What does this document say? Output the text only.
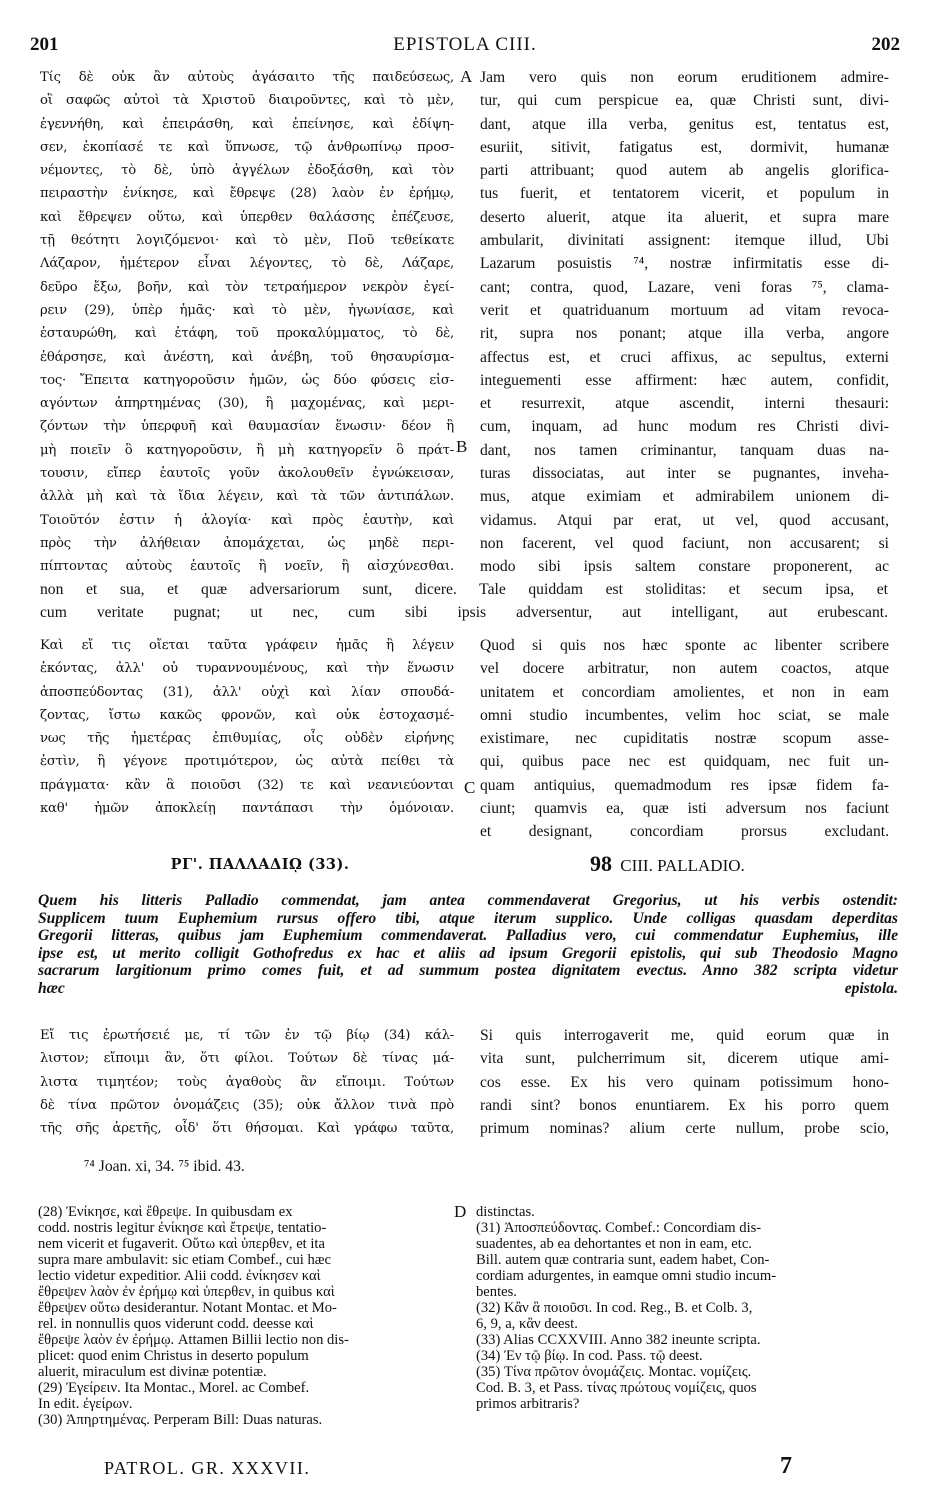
201	EPISTOLA CIII.	202
Τίς δὲ οὐκ ἂν αὐτοὺς ἀγάσαιτο τῆς παιδεύσεως,
οἳ σαφῶς αὐτοὶ τὰ Χριστοῦ διαιροῦντες, καὶ τὸ μὲν,
ἐγεννήθη, καὶ ἐπειράσθη, καὶ ἐπείνησε, καὶ ἐδίψη-
σεν, ἐκοπίασέ τε καὶ ὕπνωσε, τῷ ἀνθρωπίνῳ προσ-
νέμοντες, τὸ δὲ, ὑπὸ ἀγγέλων ἐδοξάσθη, καὶ τὸν
πειραστὴν ἐνίκησε, καὶ ἔθρεψε (28) λαὸν ἐν ἐρήμῳ,
καὶ ἔθρεψεν οὕτω, καὶ ὑπερθεν θαλάσσης ἐπέζευσε,
τῇ θεότητι λογιζόμενοι· καὶ τὸ μὲν, Ποῦ τεθείκατε
Λάζαρον, ἡμέτερον εἶναι λέγοντες, τὸ δὲ, Λάζαρε,
δεῦρο ἔξω, βοῆν, καὶ τὸν τετραήμερον νεκρὸν ἐγεί-
ρειν (29), ὑπὲρ ἡμᾶς· καὶ τὸ μὲν, ἠγωνίασε, καὶ
ἐσταυρώθη, καὶ ἐτάφη, τοῦ προκαλύμματος, τὸ δὲ,
ἐθάρσησε, καὶ ἀνέστη, καὶ ἀνέβη, τοῦ θησαυρίσμα-
τος· Ἔπειτα κατηγοροῦσιν ἡμῶν, ὡς δύο φύσεις εἰσ-
αγόντων ἀπηρτημένας (30), ἢ μαχομένας, καὶ μερι-
ζόντων τὴν ὑπερφυῆ καὶ θαυμασίαν ἕνωσιν· δέον ἢ
μὴ ποιεῖν ὃ κατηγοροῦσιν, ἢ μὴ κατηγορεῖν ὃ πράτ-
τουσιν, εἴπερ ἑαυτοῖς γοῦν ἀκολουθεῖν ἐγνώκεισαν,
ἀλλὰ μὴ καὶ τὰ ἴδια λέγειν, καὶ τὰ τῶν ἀντιπάλων.
Τοιοῦτόν ἐστιν ἡ ἀλογία· καὶ πρὸς ἑαυτὴν, καὶ
πρὸς τὴν ἀλήθειαν ἀπομάχεται, ὡς μηδὲ περι-
πίπτοντας αὐτοὺς ἑαυτοῖς ἢ νοεῖν, ἢ αἰσχύνεσθαι.
A Jam vero quis non eorum eruditionem admire-
tur, qui cum perspicue ea, quæ Christi sunt, divi-
dant, atque illa verba, genitus est, tentatus est,
esuriit, sitivit, fatigatus est, dormivit, humanæ
parti attribuant; quod autem ab angelis glorifica-
tus fuerit, et tentatorem vicerit, et populum in
deserto aluerit, atque ita aluerit, et supra mare
ambularit, divinitati assignent: itemque illud, Ubi
Lazarum posuistis ⁷⁴, nostræ infirmitatis esse di-
cant; contra, quod, Lazare, veni foras ⁷⁵, clama-
verit et quatriduanum mortuum ad vitam revoca-
rit, supra nos ponant; atque illa verba, angore
affectus est, et cruci affixus, ac sepultus, externi
integuementi esse affirment: hæc autem, confidit,
et resurrexit, atque ascendit, interni thesauri:
cum, inquam, ad hunc modum res Christi divi-
dant, nos tamen criminantur, tanquam duas na-
turas dissociatas, aut inter se pugnantes, inveha-
mus, atque eximiam et admirabilem unionem di-
vidamus. Atqui par erat, ut vel, quod accusant,
non facerent, vel quod faciunt, non accusarent; si
modo sibi ipsis saltem constare proponerent, ac
B
non et sua, et quæ adversariorum sunt, dicere. Tale quiddam est stoliditas: et secum ipsa, et
cum veritate pugnat; ut nec, cum sibi ipsis adversentur, aut intelligant, aut erubescant.
Καὶ εἴ τις οἴεται ταῦτα γράφειν ἡμᾶς ἢ λέγειν
ἑκόντας, ἀλλ' οὐ τυραννουμένους, καὶ τὴν ἕνωσιν
ἀποσπεύδοντας (31), ἀλλ' οὐχὶ καὶ λίαν σπουδά-
ζοντας, ἴστω κακῶς φρονῶν, καὶ οὐκ ἐστοχασμέ-
νως τῆς ἡμετέρας ἐπιθυμίας, οἷς οὐδὲν εἰρήνης
ἐστὶν, ἢ γέγονε προτιμότερον, ὡς αὐτὰ πείθει τὰ
πράγματα· κἂν ἃ ποιοῦσι (32) τε καὶ νεανιεύονται
καθ' ἡμῶν ἀποκλείῃ παντάπασι τὴν ὁμόνοιαν.
C
Quod si quis nos hæc sponte ac libenter scribere
vel docere arbitratur, non autem coactos, atque
unitatem et concordiam amolientes, et non in eam
omni studio incumbentes, velim hoc sciat, se male
existimare, nec cupiditatis nostræ scopum asse-
qui, quibus pace nec est quidquam, nec fuit un-
quam antiquius, quemadmodum res ipsæ fidem fa-
ciunt; quamvis ea, quæ isti adversum nos faciunt
et designant, concordiam prorsus excludant.
ΡΓ'. ΠΑΛΛΑΔΙῼ (33).	98 CIII. PALLADIO.
Quem his litteris Palladio commendat, jam antea commendaverat Gregorius, ut his verbis ostendit:
Supplicem tuum Euphemium rursus offero tibi, atque iterum supplico. Unde colligas quasdam deperditas
Gregorii litteras, quibus jam Euphemium commendaverat. Palladius vero, cui commendatur Euphemius, ille
ipse est, ut merito colligit Gothofredus ex hac et aliis ad ipsum Gregorii epistolis, qui sub Theodosio Magno
sacrarum largitionum primo comes fuit, et ad summum postea dignitatem evectus. Anno 382 scripta videtur
hæc epistola.
Εἴ τις ἐρωτήσειέ με, τί τῶν ἐν τῷ βίῳ (34) κάλ-
λιστον; εἴποιμι ἂν, ὅτι φίλοι. Τούτων δὲ τίνας μά-
λιστα τιμητέον; τοὺς ἀγαθοὺς ἂν εἴποιμι. Τούτων
δὲ τίνα πρῶτον ὀνομάζεις (35); οὐκ ἄλλον τινὰ πρὸ
τῆς σῆς ἀρετῆς, οἶδ' ὅτι θήσομαι. Καὶ γράφω ταῦτα,
Si quis interrogaverit me, quid eorum quæ in
vita sunt, pulcherrimum sit, dicerem utique ami-
cos esse. Ex his vero quinam potissimum hono-
randi sint? bonos enuntiarem. Ex his porro quem
primum nominas? alium certe nullum, probe scio,
⁷⁴ Joan. xi, 34. ⁷⁵ ibid. 43.
(28) Ἐνίκησε, καὶ ἔθρεψε. In quibusdam ex
codd. nostris legitur ἐνίκησε καὶ ἔτρεψε, tentatio-
nem vicerit et fugaverit. Οὕτω καὶ ὑπερθεν, et ita
supra mare ambulavit: sic etiam Combef., cui hæc
lectio videtur expeditior. Alii codd. ἐνίκησεν καὶ
ἔθρεψεν λαὸν ἐν ἐρήμῳ καὶ ὑπερθεν, in quibus καὶ
ἔθρεψεν οὕτω desiderantur. Notant Montac. et Mo-
rel. in nonnullis quos viderunt codd. deesse καὶ
ἔθρεψε λαὸν ἐν ἐρήμῳ. Attamen Billii lectio non dis-
plicet: quod enim Christus in deserto populum
aluerit, miraculum est divinæ potentiæ.
(29) Ἐγείρειν. Ita Montac., Morel. ac Combef.
In edit. ἐγείρων.
(30) Ἀπηρτημένας. Perperam Bill: Duas naturas.
D distinctas.
(31) Ἀποσπεύδοντας. Combef.: Concordiam dis-
suadentes, ab ea dehortantes et non in eam, etc.
Bill. autem quæ contraria sunt, eadem habet, Con-
cordiam adurgentes, in eamque omni studio incum-
bentes.
(32) Κἂν ἃ ποιοῦσι. In cod. Reg., B. et Colb. 3,
6, 9, a, κἂν deest.
(33) Alias CCXXVIII. Anno 382 ineunte scripta.
(34) Ἐν τῷ βίῳ. In cod. Pass. τῷ deest.
(35) Τίνα πρῶτον ὀνομάζεις. Montac. νομίζεις.
Cod. B. 3, et Pass. τίνας πρώτους νομίζεις, quos
primos arbitraris?
PATROL. GR. XXXVII.	7
